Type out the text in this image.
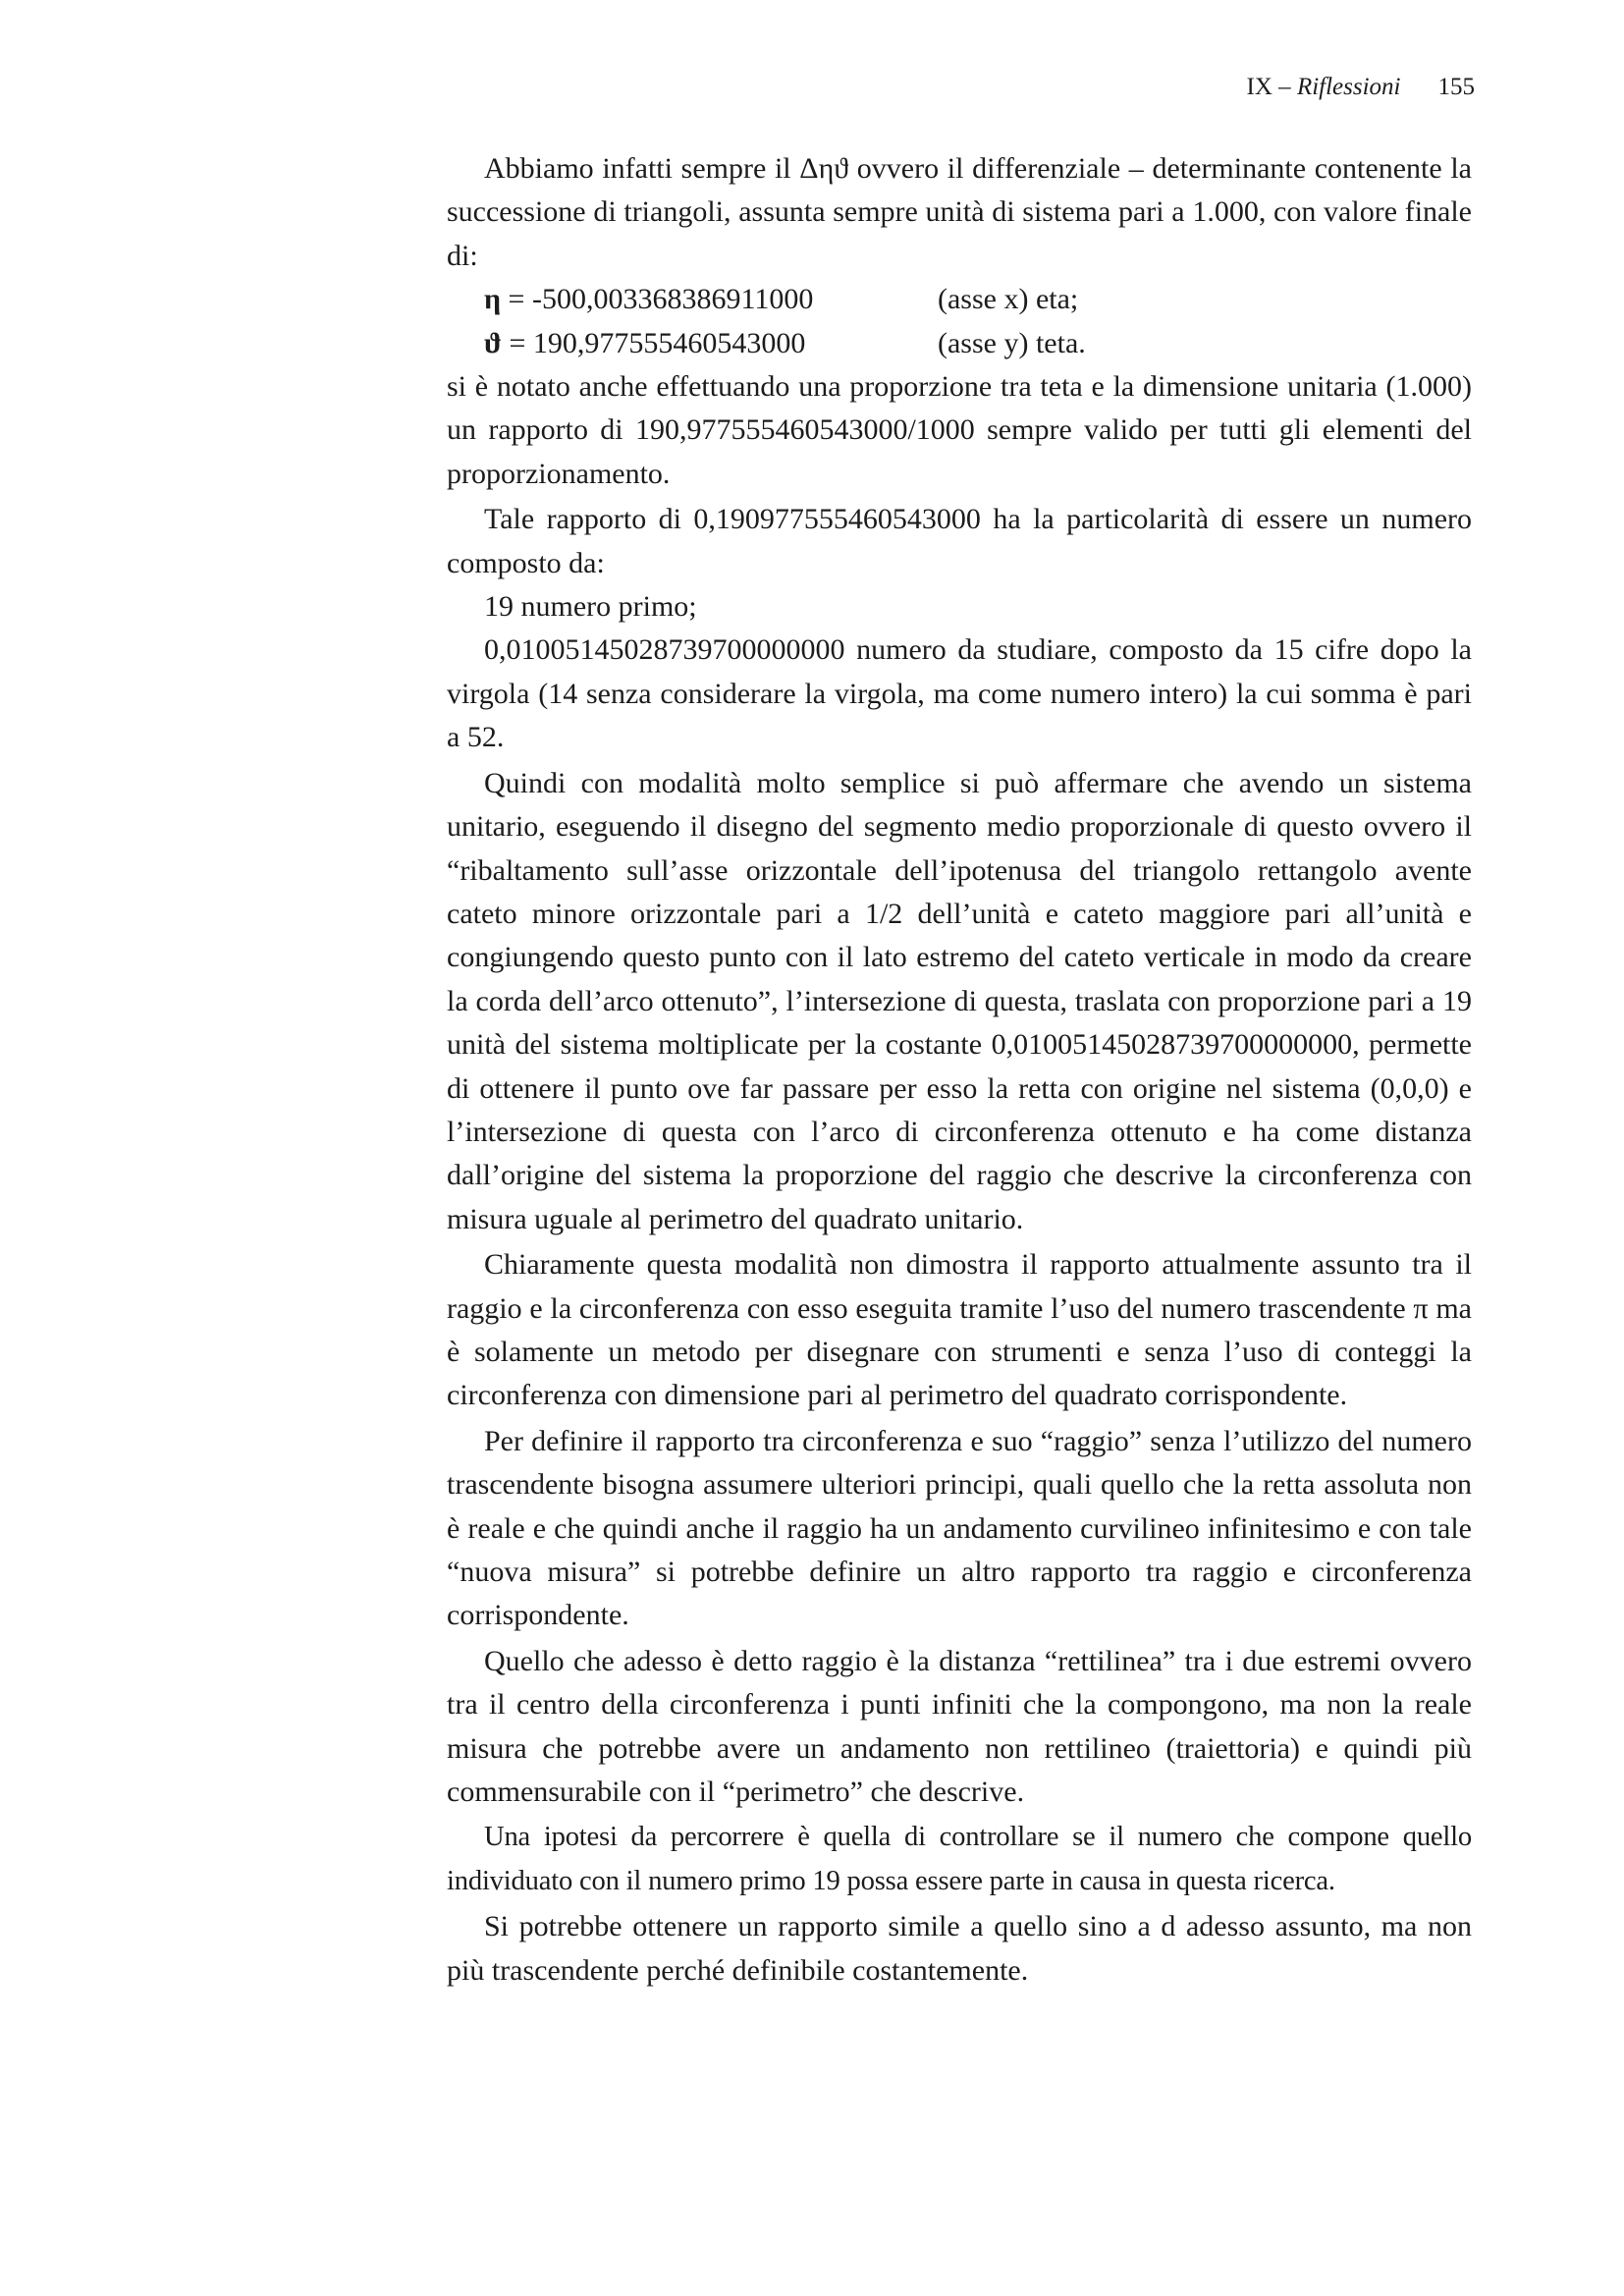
IX – Riflessioni 155

Abbiamo infatti sempre il Δηϑ ovvero il differenziale – determinante contenente la successione di triangoli, assunta sempre unità di sistema pari a 1.000, con valore finale di:

η = -500,003368386911000	(asse x) eta;
ϑ = 190,977555460543000	(asse y) teta.

si è notato anche effettuando una proporzione tra teta e la dimensione unitaria (1.000) un rapporto di 190,977555460543000/1000 sempre valido per tutti gli elementi del proporzionamento.

Tale rapporto di 0,190977555460543000 ha la particolarità di essere un numero composto da:

19 numero primo;

0,01005145028739700000000 numero da studiare, composto da 15 cifre dopo la virgola (14 senza considerare la virgola, ma come numero intero) la cui somma è pari a 52.

Quindi con modalità molto semplice si può affermare che avendo un sistema unitario, eseguendo il disegno del segmento medio proporzionale di questo ovvero il “ribaltamento sull’asse orizzontale dell’ipotenusa del triangolo rettangolo avente cateto minore orizzontale pari a 1/2 dell’unità e cateto maggiore pari all’unità e congiungendo questo punto con il lato estremo del cateto verticale in modo da creare la corda dell’arco ottenuto”, l’intersezione di questa, traslata con proporzione pari a 19 unità del sistema moltiplicate per la costante 0,01005145028739700000000, permette di ottenere il punto ove far passare per esso la retta con origine nel sistema (0,0,0) e l’intersezione di questa con l’arco di circonferenza ottenuto e ha come distanza dall’origine del sistema la proporzione del raggio che descrive la circonferenza con misura uguale al perimetro del quadrato unitario.

Chiaramente questa modalità non dimostra il rapporto attualmente assunto tra il raggio e la circonferenza con esso eseguita tramite l’uso del numero trascendente π ma è solamente un metodo per disegnare con strumenti e senza l’uso di conteggi la circonferenza con dimensione pari al perimetro del quadrato corrispondente.

Per definire il rapporto tra circonferenza e suo “raggio” senza l’utilizzo del numero trascendente bisogna assumere ulteriori principi, quali quello che la retta assoluta non è reale e che quindi anche il raggio ha un andamento curvilineo infinitesimo e con tale “nuova misura” si potrebbe definire un altro rapporto tra raggio e circonferenza corrispondente.

Quello che adesso è detto raggio è la distanza “rettilinea” tra i due estremi ovvero tra il centro della circonferenza i punti infiniti che la compongono, ma non la reale misura che potrebbe avere un andamento non rettilineo (traiettoria) e quindi più commensurabile con il “perimetro” che descrive.

Una ipotesi da percorrere è quella di controllare se il numero che compone quello individuato con il numero primo 19 possa essere parte in causa in questa ricerca.

Si potrebbe ottenere un rapporto simile a quello sino a d adesso assunto, ma non più trascendente perché definibile costantemente.
